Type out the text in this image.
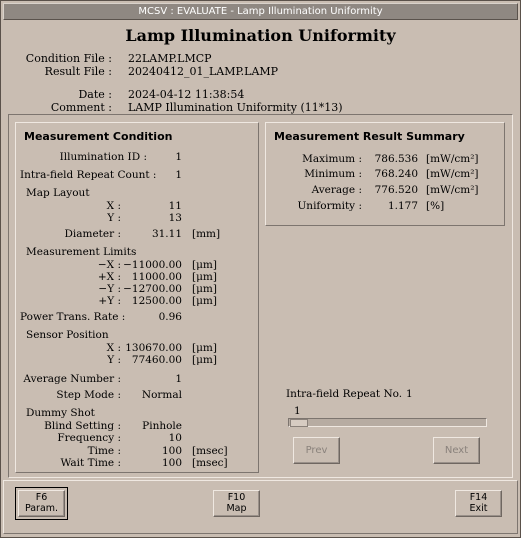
MCSV : EVALUATE - Lamp Illumination Uniformity
Lamp Illumination Uniformity
Condition File : 22LAMP.LMCP
Result File : 20240412_01_LAMP.LAMP
Date : 2024-04-12 11:38:54
Comment : LAMP Illumination Uniformity (11*13)
Measurement Condition
Illumination ID :	1
Intra-field Repeat Count :	1
Map Layout
X :	11
Y :	13
Diameter :	31.11 [mm]
Measurement Limits
−X : −11000.00 [μm]
+X :	11000.00 [μm]
−Y : −12700.00 [μm]
+Y :	12500.00 [μm]
Power Trans. Rate :	0.96
Sensor Position
X : 130670.00 [μm]
Y :	77460.00 [μm]
Average Number :	1
Step Mode :	Normal
Dummy Shot
Blind Setting :	Pinhole
Frequency :	10
Time :	100 [msec]
Wait Time :	100 [msec]
Measurement Result Summary
Maximum :	786.536 [mW/cm²]
Minimum :	768.240 [mW/cm²]
Average :	776.520 [mW/cm²]
Uniformity :	1.177 [%]
Intra-field Repeat No. 1
1
Prev	Next
F6
Param.
F10
Map
F14
Exit
